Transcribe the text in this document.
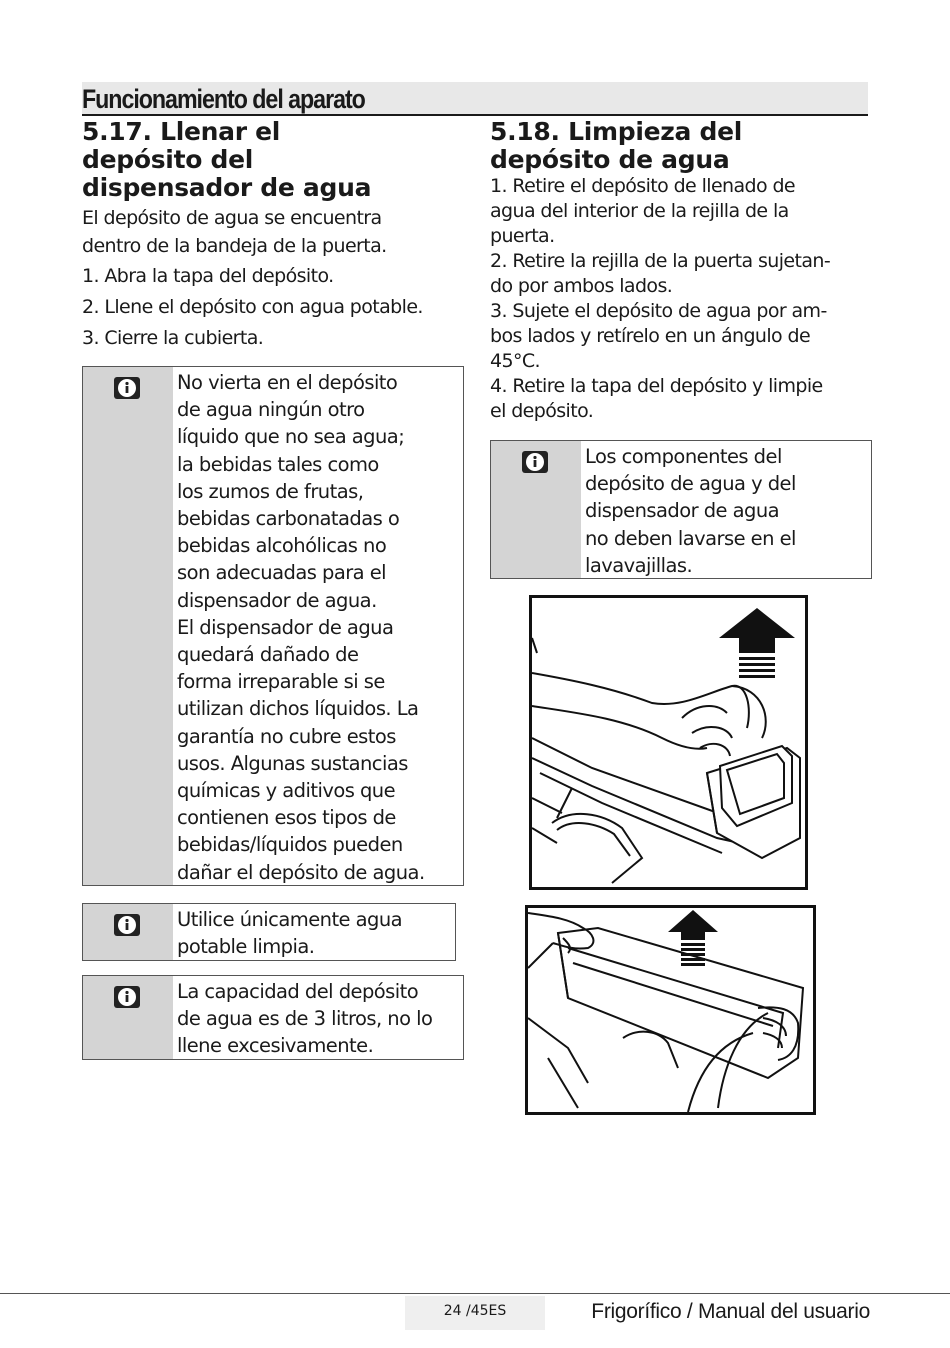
Funcionamiento del aparato
5.17. Llenar el
depósito del
dispensador de agua
El depósito de agua se encuentra
dentro de la bandeja de la puerta.
1. Abra la tapa del depósito.
2. Llene el depósito con agua potable.
3. Cierre la cubierta.
No vierta en el depósito
de agua ningún otro
líquido que no sea agua;
la bebidas tales como
los zumos de frutas,
bebidas carbonatadas o
bebidas alcohólicas no
son adecuadas para el
dispensador de agua.
El dispensador de agua
quedará dañado de
forma irreparable si se
utilizan dichos líquidos. La
garantía no cubre estos
usos. Algunas sustancias
químicas y aditivos que
contienen esos tipos de
bebidas/líquidos pueden
dañar el depósito de agua.
Utilice únicamente agua
potable limpia.
La capacidad del depósito
de agua es de 3 litros, no lo
llene excesivamente.
5.18. Limpieza del
depósito de agua
1. Retire el depósito de llenado de
agua del interior de la rejilla de la
puerta.
2. Retire la rejilla de la puerta sujetan-
do por ambos lados.
3. Sujete el depósito de agua por am-
bos lados y retírelo en un ángulo de
45°C.
4. Retire la tapa del depósito y limpie
el depósito.
Los componentes del
depósito de agua y del
dispensador de agua
no deben lavarse en el
lavavajillas.
24 /45ES	Frigorífico / Manual del usuario
